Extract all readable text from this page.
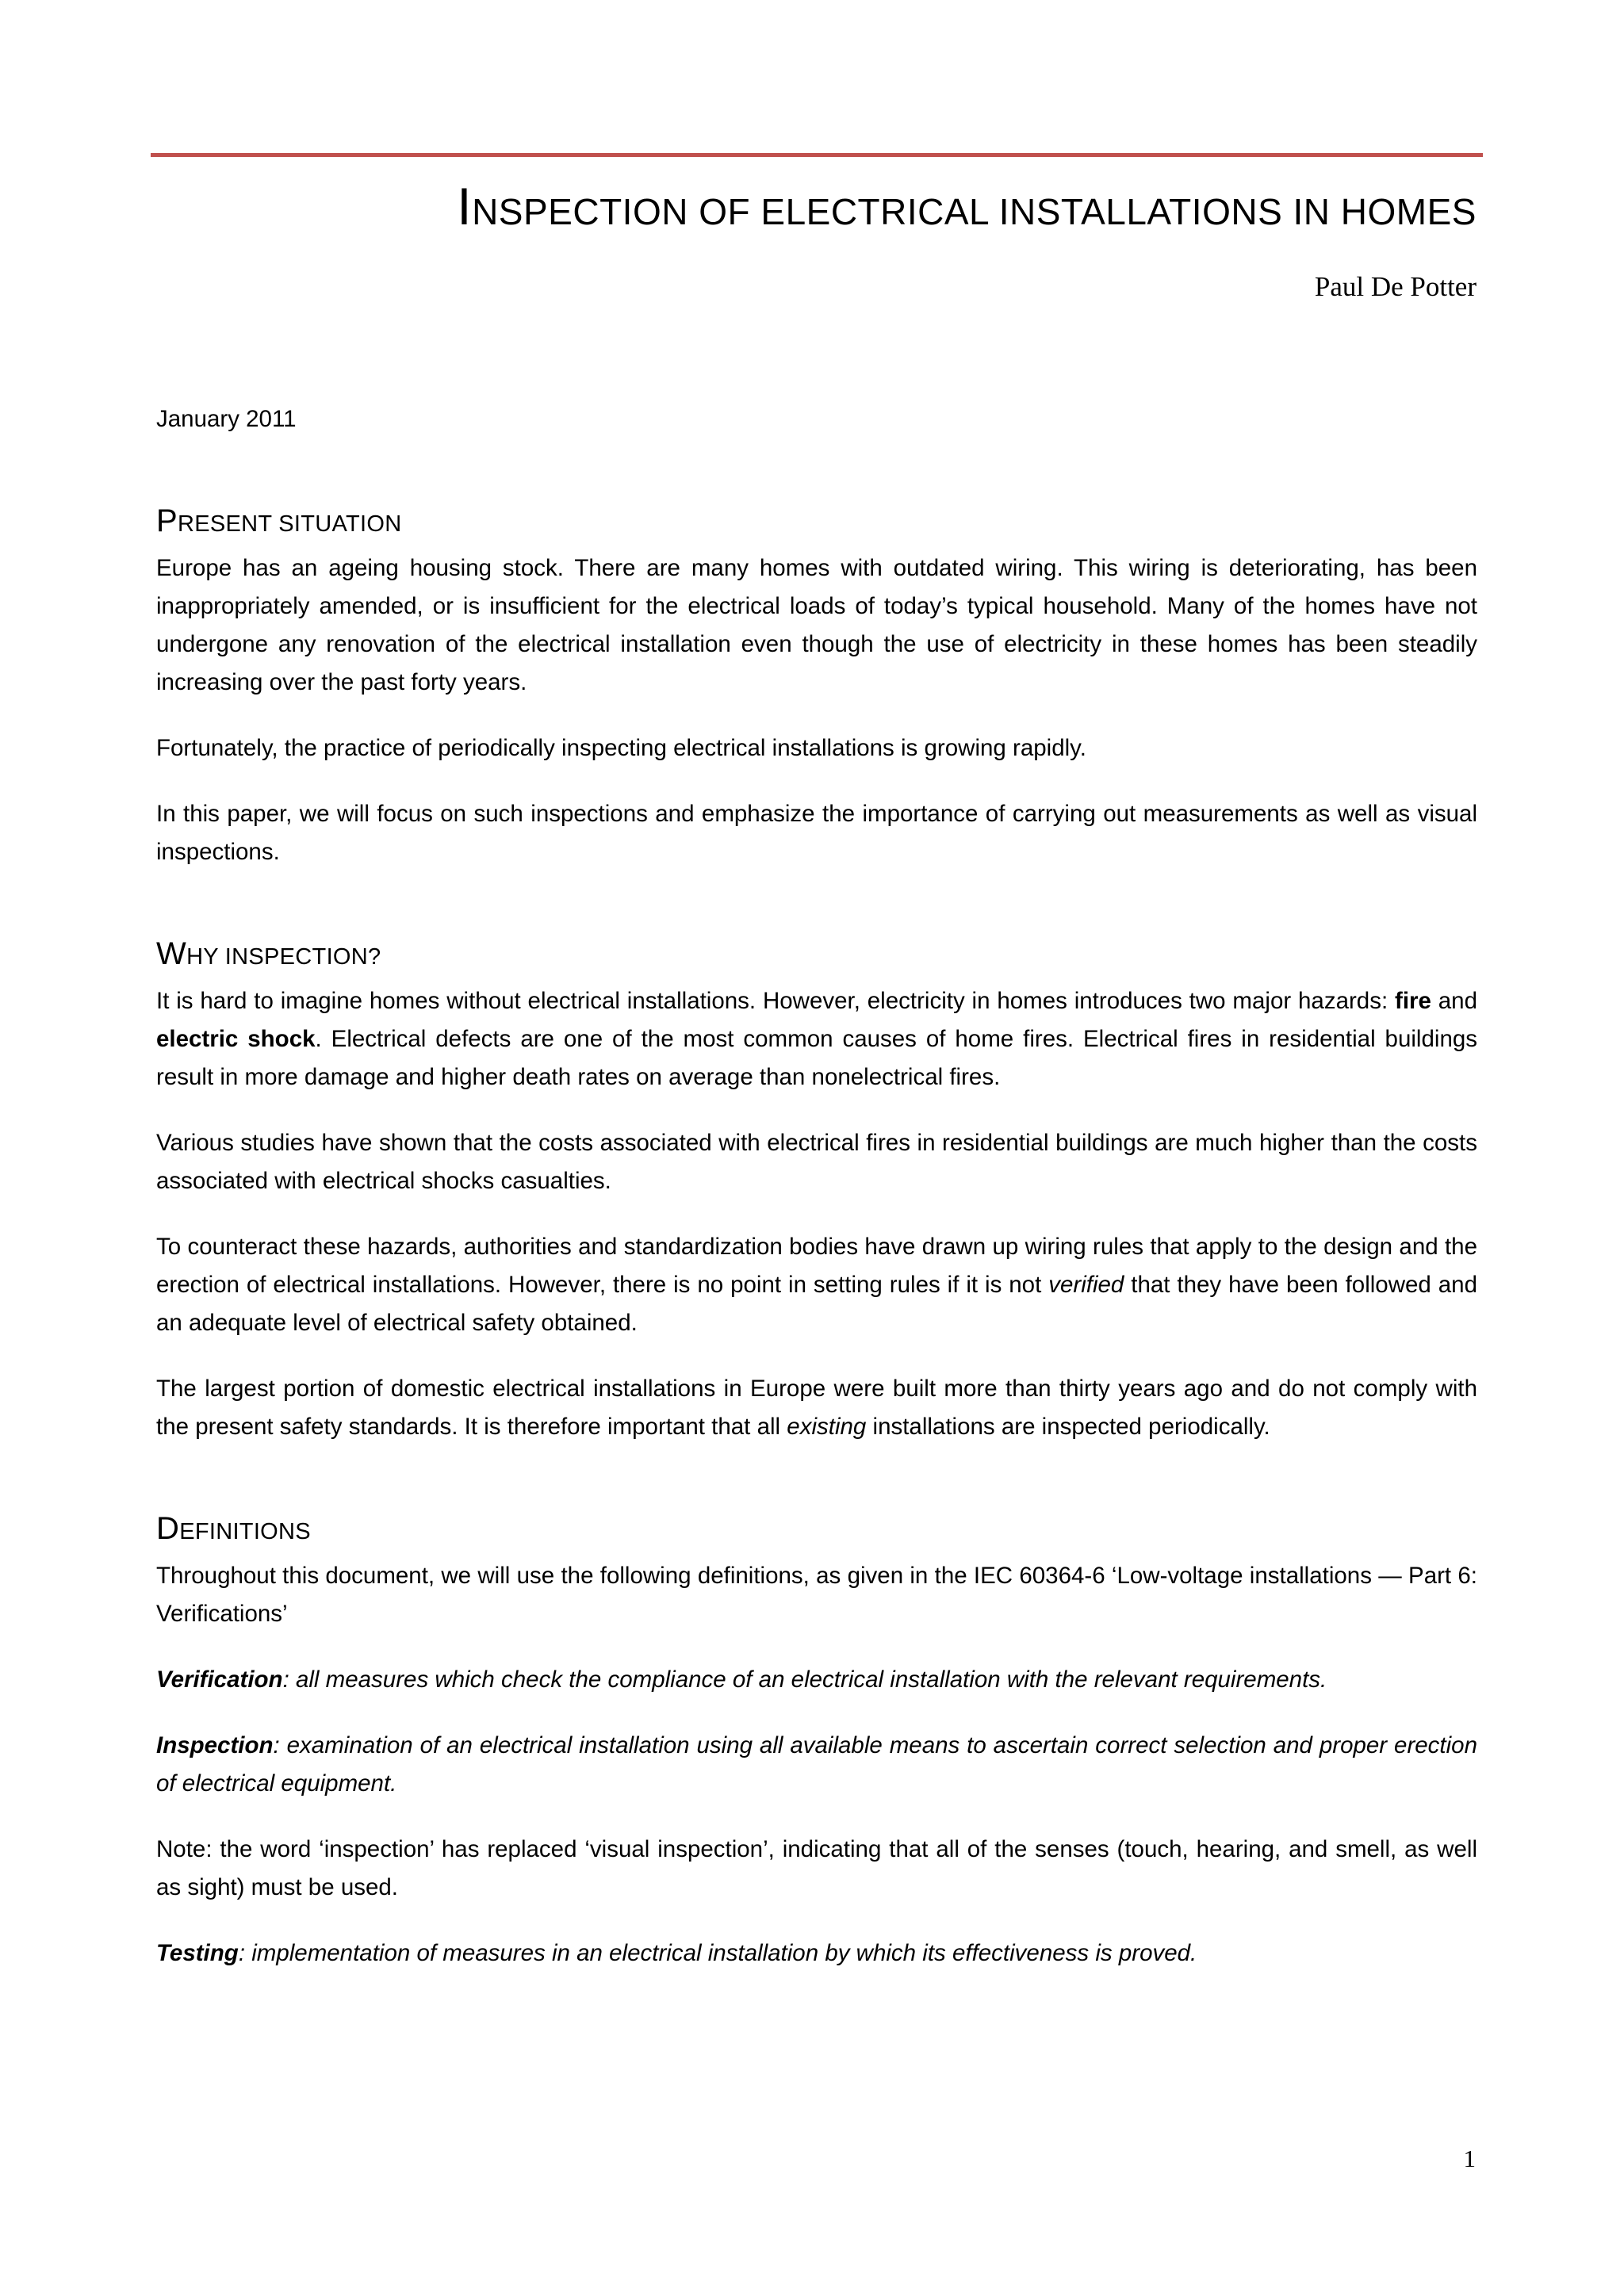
INSPECTION OF ELECTRICAL INSTALLATIONS IN HOMES

Paul De Potter

January 2011

PRESENT SITUATION

Europe has an ageing housing stock. There are many homes with outdated wiring. This wiring is deteriorating, has been inappropriately amended, or is insufficient for the electrical loads of today’s typical household. Many of the homes have not undergone any renovation of the electrical installation even though the use of electricity in these homes has been steadily increasing over the past forty years.

Fortunately, the practice of periodically inspecting electrical installations is growing rapidly.

In this paper, we will focus on such inspections and emphasize the importance of carrying out measurements as well as visual inspections.

WHY INSPECTION?

It is hard to imagine homes without electrical installations. However, electricity in homes introduces two major hazards: fire and electric shock. Electrical defects are one of the most common causes of home fires. Electrical fires in residential buildings result in more damage and higher death rates on average than nonelectrical fires.

Various studies have shown that the costs associated with electrical fires in residential buildings are much higher than the costs associated with electrical shocks casualties.

To counteract these hazards, authorities and standardization bodies have drawn up wiring rules that apply to the design and the erection of electrical installations. However, there is no point in setting rules if it is not verified that they have been followed and an adequate level of electrical safety obtained.

The largest portion of domestic electrical installations in Europe were built more than thirty years ago and do not comply with the present safety standards. It is therefore important that all existing installations are inspected periodically.

DEFINITIONS

Throughout this document, we will use the following definitions, as given in the IEC 60364-6 ‘Low-voltage installations — Part 6: Verifications’

Verification: all measures which check the compliance of an electrical installation with the relevant requirements.

Inspection: examination of an electrical installation using all available means to ascertain correct selection and proper erection of electrical equipment.

Note: the word ‘inspection’ has replaced ‘visual inspection’, indicating that all of the senses (touch, hearing, and smell, as well as sight) must be used.

Testing: implementation of measures in an electrical installation by which its effectiveness is proved.

1
